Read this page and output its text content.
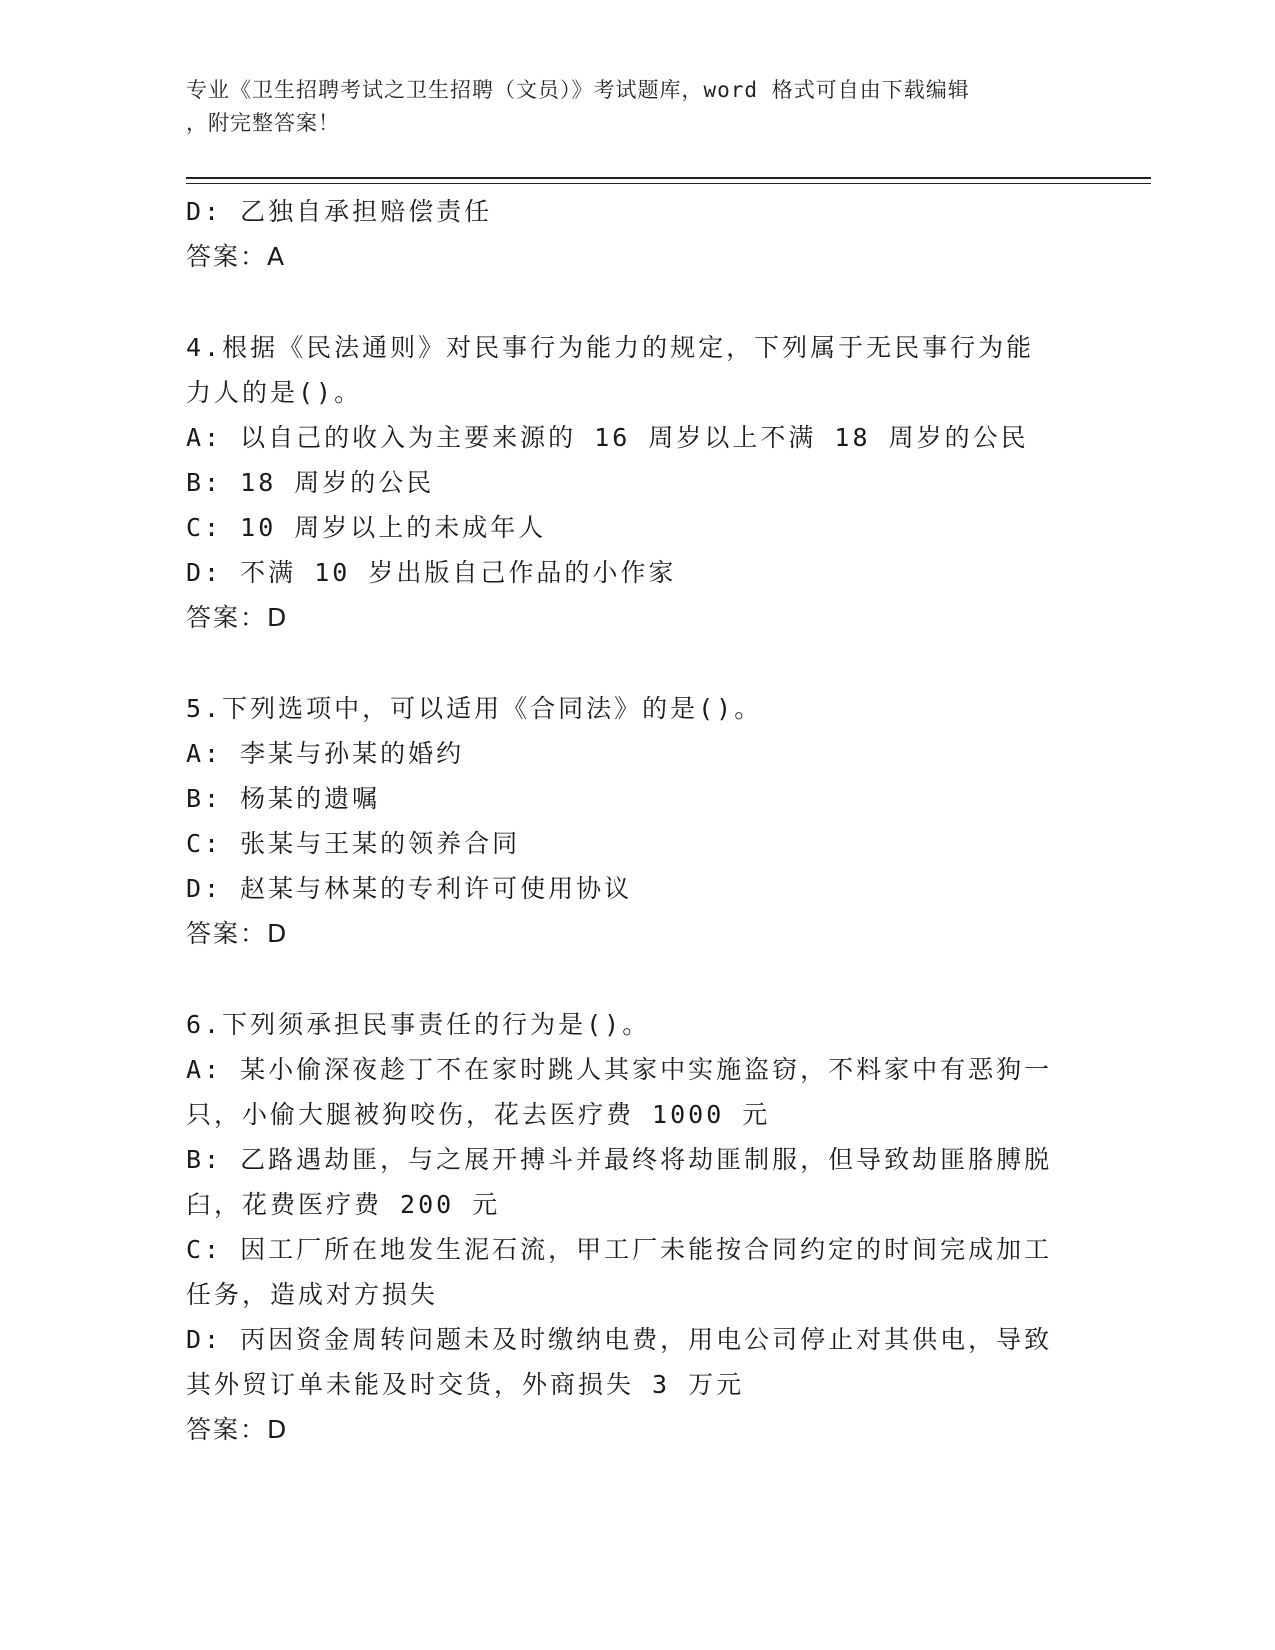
专业《卫生招聘考试之卫生招聘（文员）》考试题库，word 格式可自由下载编辑
，附完整答案！
D: 乙独自承担赔偿责任
答案：A
4.根据《民法通则》对民事行为能力的规定，下列属于无民事行为能
力人的是()。
A: 以自己的收入为主要来源的 16 周岁以上不满 18 周岁的公民
B: 18 周岁的公民
C: 10 周岁以上的未成年人
D: 不满 10 岁出版自己作品的小作家
答案：D
5.下列选项中，可以适用《合同法》的是()。
A: 李某与孙某的婚约
B: 杨某的遗嘱
C: 张某与王某的领养合同
D: 赵某与林某的专利许可使用协议
答案：D
6.下列须承担民事责任的行为是()。
A: 某小偷深夜趁丁不在家时跳人其家中实施盗窃，不料家中有恶狗一
只，小偷大腿被狗咬伤，花去医疗费 1000 元
B: 乙路遇劫匪，与之展开搏斗并最终将劫匪制服，但导致劫匪胳膊脱
臼，花费医疗费 200 元
C: 因工厂所在地发生泥石流，甲工厂未能按合同约定的时间完成加工
任务，造成对方损失
D: 丙因资金周转问题未及时缴纳电费，用电公司停止对其供电，导致
其外贸订单未能及时交货，外商损失 3 万元
答案：D
